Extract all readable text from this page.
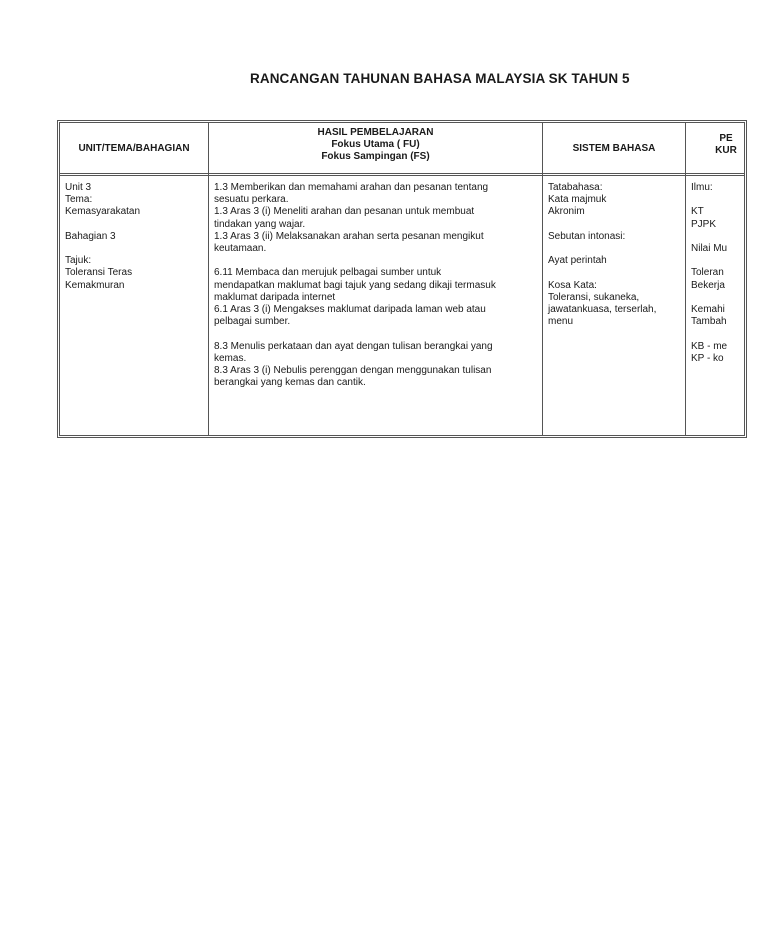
RANCANGAN TAHUNAN BAHASA MALAYSIA SK TAHUN 5
UNIT/TEMA/BAHAGIAN
HASIL PEMBELAJARAN
Fokus Utama ( FU)
Fokus Sampingan (FS)
SISTEM BAHASA
PE
KUR
Unit 3
Tema:
Kemasyarakatan
Bahagian 3
Tajuk:
Toleransi Teras
Kemakmuran
1.3 Memberikan dan memahami arahan dan pesanan tentang
sesuatu perkara.
1.3 Aras 3 (i) Meneliti arahan dan pesanan untuk membuat
tindakan yang wajar.
1.3 Aras 3 (ii) Melaksanakan arahan serta pesanan mengikut
keutamaan.
6.11 Membaca dan merujuk pelbagai sumber untuk
mendapatkan maklumat bagi tajuk yang sedang dikaji termasuk
maklumat daripada internet
6.1 Aras 3 (i) Mengakses maklumat daripada laman web atau
pelbagai sumber.
8.3 Menulis perkataan dan ayat dengan tulisan berangkai yang
kemas.
8.3 Aras 3 (i) Nebulis perenggan dengan menggunakan tulisan
berangkai yang kemas dan cantik.
Tatabahasa:
Kata majmuk
Akronim
Sebutan intonasi:
Ayat perintah
Kosa Kata:
Toleransi, sukaneka,
jawatankuasa, terserlah,
menu
Ilmu:
KT
PJPK
Nilai Mu
Toleran
Bekerja
Kemahi
Tambah
KB - me
KP - ko
